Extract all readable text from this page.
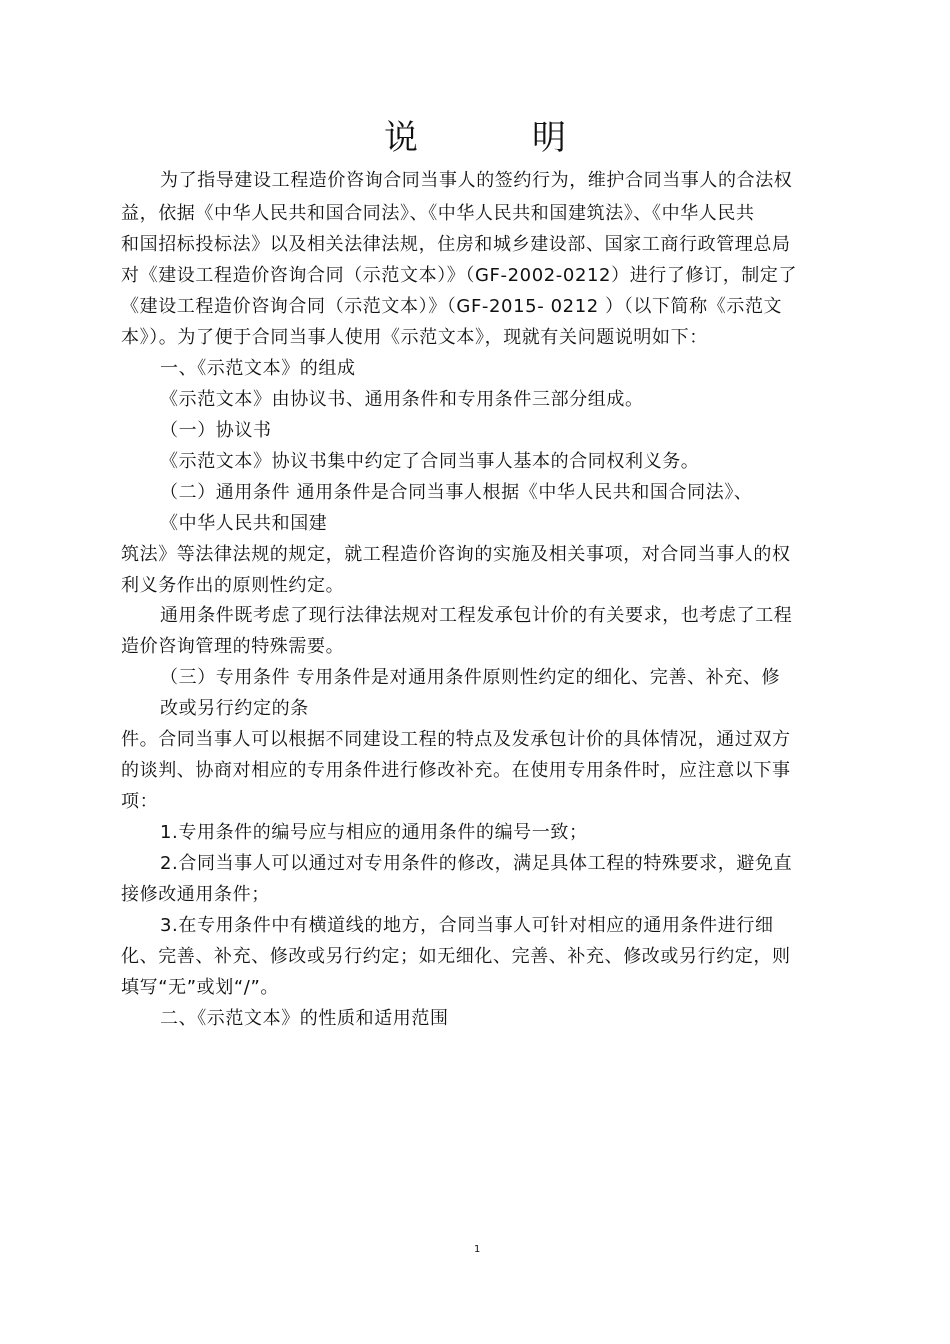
说　明
为了指导建设工程造价咨询合同当事人的签约行为，维护合同当事人的合法权
益，依据《中华人民共和国合同法》、《中华人民共和国建筑法》、《中华人民共
和国招标投标法》以及相关法律法规，住房和城乡建设部、国家工商行政管理总局
对《建设工程造价咨询合同（示范文本）》（GF-2002-0212）进行了修订，制定了
《建设工程造价咨询合同（示范文本）》（GF-2015- 0212 ）（以下简称《示范文
本》）。为了便于合同当事人使用《示范文本》，现就有关问题说明如下：
一、《示范文本》的组成
《示范文本》由协议书、通用条件和专用条件三部分组成。
（一）协议书
《示范文本》协议书集中约定了合同当事人基本的合同权利义务。
（二）通用条件 通用条件是合同当事人根据《中华人民共和国合同法》、
《中华人民共和国建
筑法》等法律法规的规定，就工程造价咨询的实施及相关事项，对合同当事人的权
利义务作出的原则性约定。
通用条件既考虑了现行法律法规对工程发承包计价的有关要求，也考虑了工程
造价咨询管理的特殊需要。
（三）专用条件 专用条件是对通用条件原则性约定的细化、完善、补充、修
改或另行约定的条
件。合同当事人可以根据不同建设工程的特点及发承包计价的具体情况，通过双方
的谈判、协商对相应的专用条件进行修改补充。在使用专用条件时，应注意以下事
项：
1.专用条件的编号应与相应的通用条件的编号一致；
2.合同当事人可以通过对专用条件的修改，满足具体工程的特殊要求，避免直
接修改通用条件；
3.在专用条件中有横道线的地方，合同当事人可针对相应的通用条件进行细
化、完善、补充、修改或另行约定；如无细化、完善、补充、修改或另行约定，则
填写“无”或划“/”。
二、《示范文本》的性质和适用范围
1
